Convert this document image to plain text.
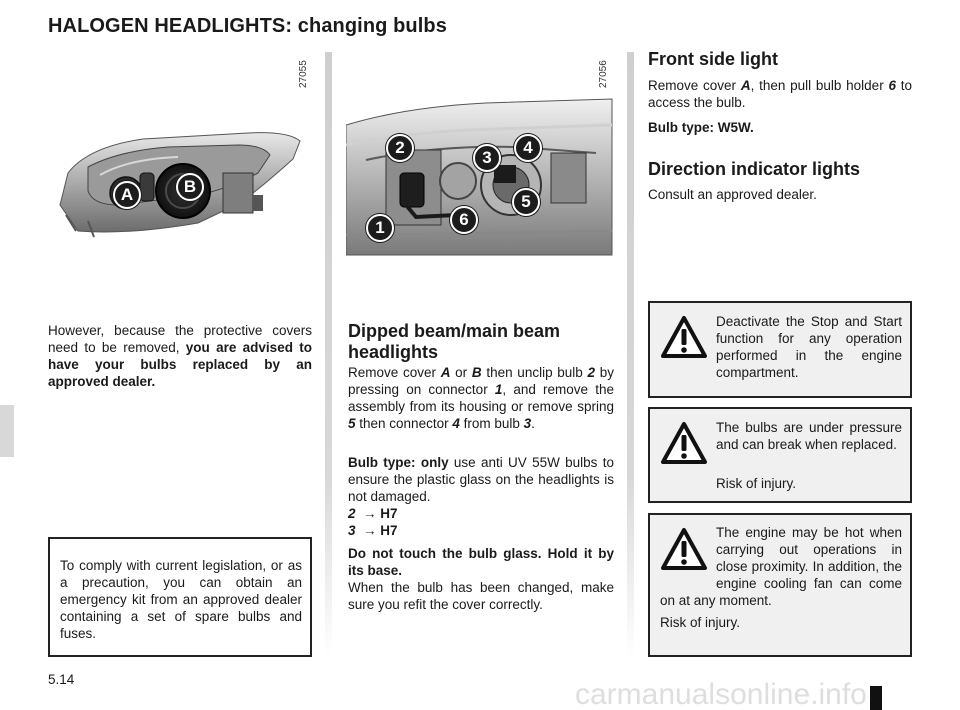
HALOGEN HEADLIGHTS: changing bulbs
A	B
27055
2
3
4
5
1	6
27056
However, because the protective covers need to be removed, you are advised to have your bulbs replaced by an approved dealer.
To comply with current legislation, or as a precaution, you can obtain an emergency kit from an approved dealer containing a set of spare bulbs and fuses.
Dipped beam/main beam headlights
Remove cover A or B then unclip bulb 2 by pressing on connector 1, and remove the assembly from its housing or remove spring 5 then connector 4 from bulb 3.
Bulb type: only use anti UV 55W bulbs to ensure the plastic glass on the headlights is not damaged.
2 → H7
3 → H7
Do not touch the bulb glass. Hold it by its base.
When the bulb has been changed, make sure you refit the cover correctly.
Front side light
Remove cover A, then pull bulb holder 6 to access the bulb.
Bulb type: W5W.
Direction indicator lights
Consult an approved dealer.
Deactivate the Stop and Start function for any operation performed in the engine compartment.
The bulbs are under pressure and can break when replaced.
Risk of injury.
The engine may be hot when carrying out operations in close proximity. In addition, the engine cooling fan can come on at any moment.
Risk of injury.
5.14	carmanualsonline.info
